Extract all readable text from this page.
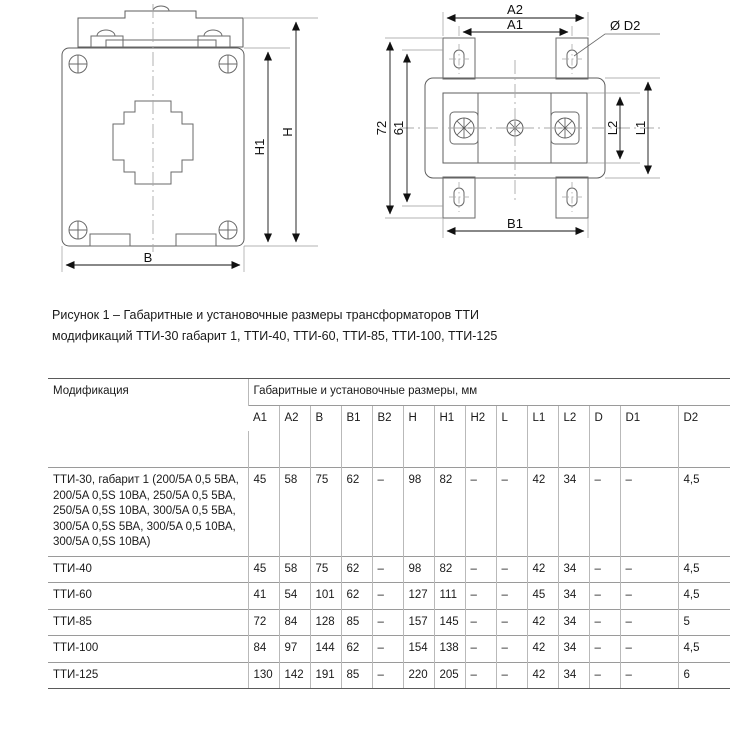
B
H1
H
A2
A1
B1
72 61	L2 L1
Ø D2
Рисунок 1 – Габаритные и установочные размеры трансформаторов ТТИ
модификаций ТТИ-30 габарит 1, ТТИ-40, ТТИ-60, ТТИ-85, ТТИ-100, ТТИ-125
Модификация	Габаритные и установочные размеры, мм													
	A1	A2	B	B1	B2	H	H1	H2	L	L1	L2	D	D1	D2

ТТИ-30, габарит 1 (200/5A 0,5 5ВА, 200/5A 0,5S 10ВА, 250/5A 0,5 5ВА, 250/5A 0,5S 10ВА, 300/5A 0,5 5ВА, 300/5A 0,5S 5ВА, 300/5A 0,5 10ВА, 300/5A 0,5S 10ВА)	45	58	75	62	–	98	82	–	–	42	34	–	–	4,5
ТТИ-40	45	58	75	62	–	98	82	–	–	42	34	–	–	4,5
ТТИ-60	41	54	101	62	–	127	111	–	–	45	34	–	–	4,5
ТТИ-85	72	84	128	85	–	157	145	–	–	42	34	–	–	5
ТТИ-100	84	97	144	62	–	154	138	–	–	42	34	–	–	4,5
ТТИ-125	130	142	191	85	–	220	205	–	–	42	34	–	–	6
